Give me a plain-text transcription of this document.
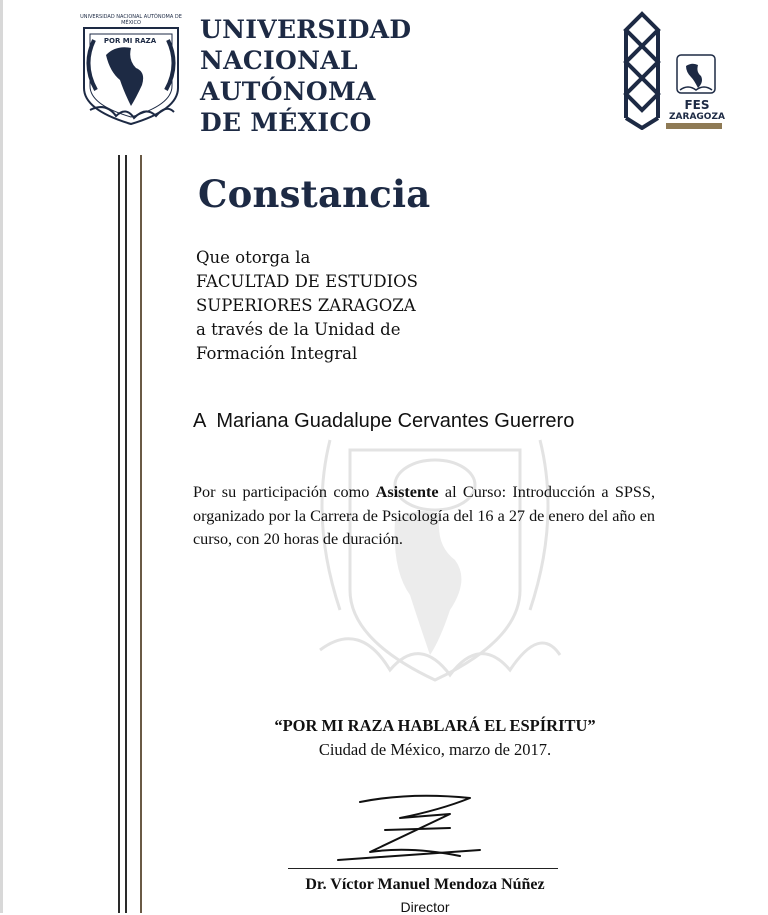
UNIVERSIDAD NACIONAL AUTÓNOMA DE MÉXICO
POR MI RAZA UNIVERSIDAD
NACIONAL
AUTÓNOMA
DE MÉXICO
FES
ZARAGOZA
Constancia
Que otorga la
FACULTAD DE ESTUDIOS
SUPERIORES ZARAGOZA
a través de la Unidad de
Formación Integral
A  Mariana Guadalupe Cervantes Guerrero

Por su participación como Asistente al Curso: Introducción a SPSS, organizado por la Carrera de Psicología del 16 a 27 de enero del año en curso, con 20 horas de duración.

“POR MI RAZA HABLARÁ EL ESPÍRITU”
Ciudad de México, marzo de 2017.
Dr. Víctor Manuel Mendoza Núñez
Director
